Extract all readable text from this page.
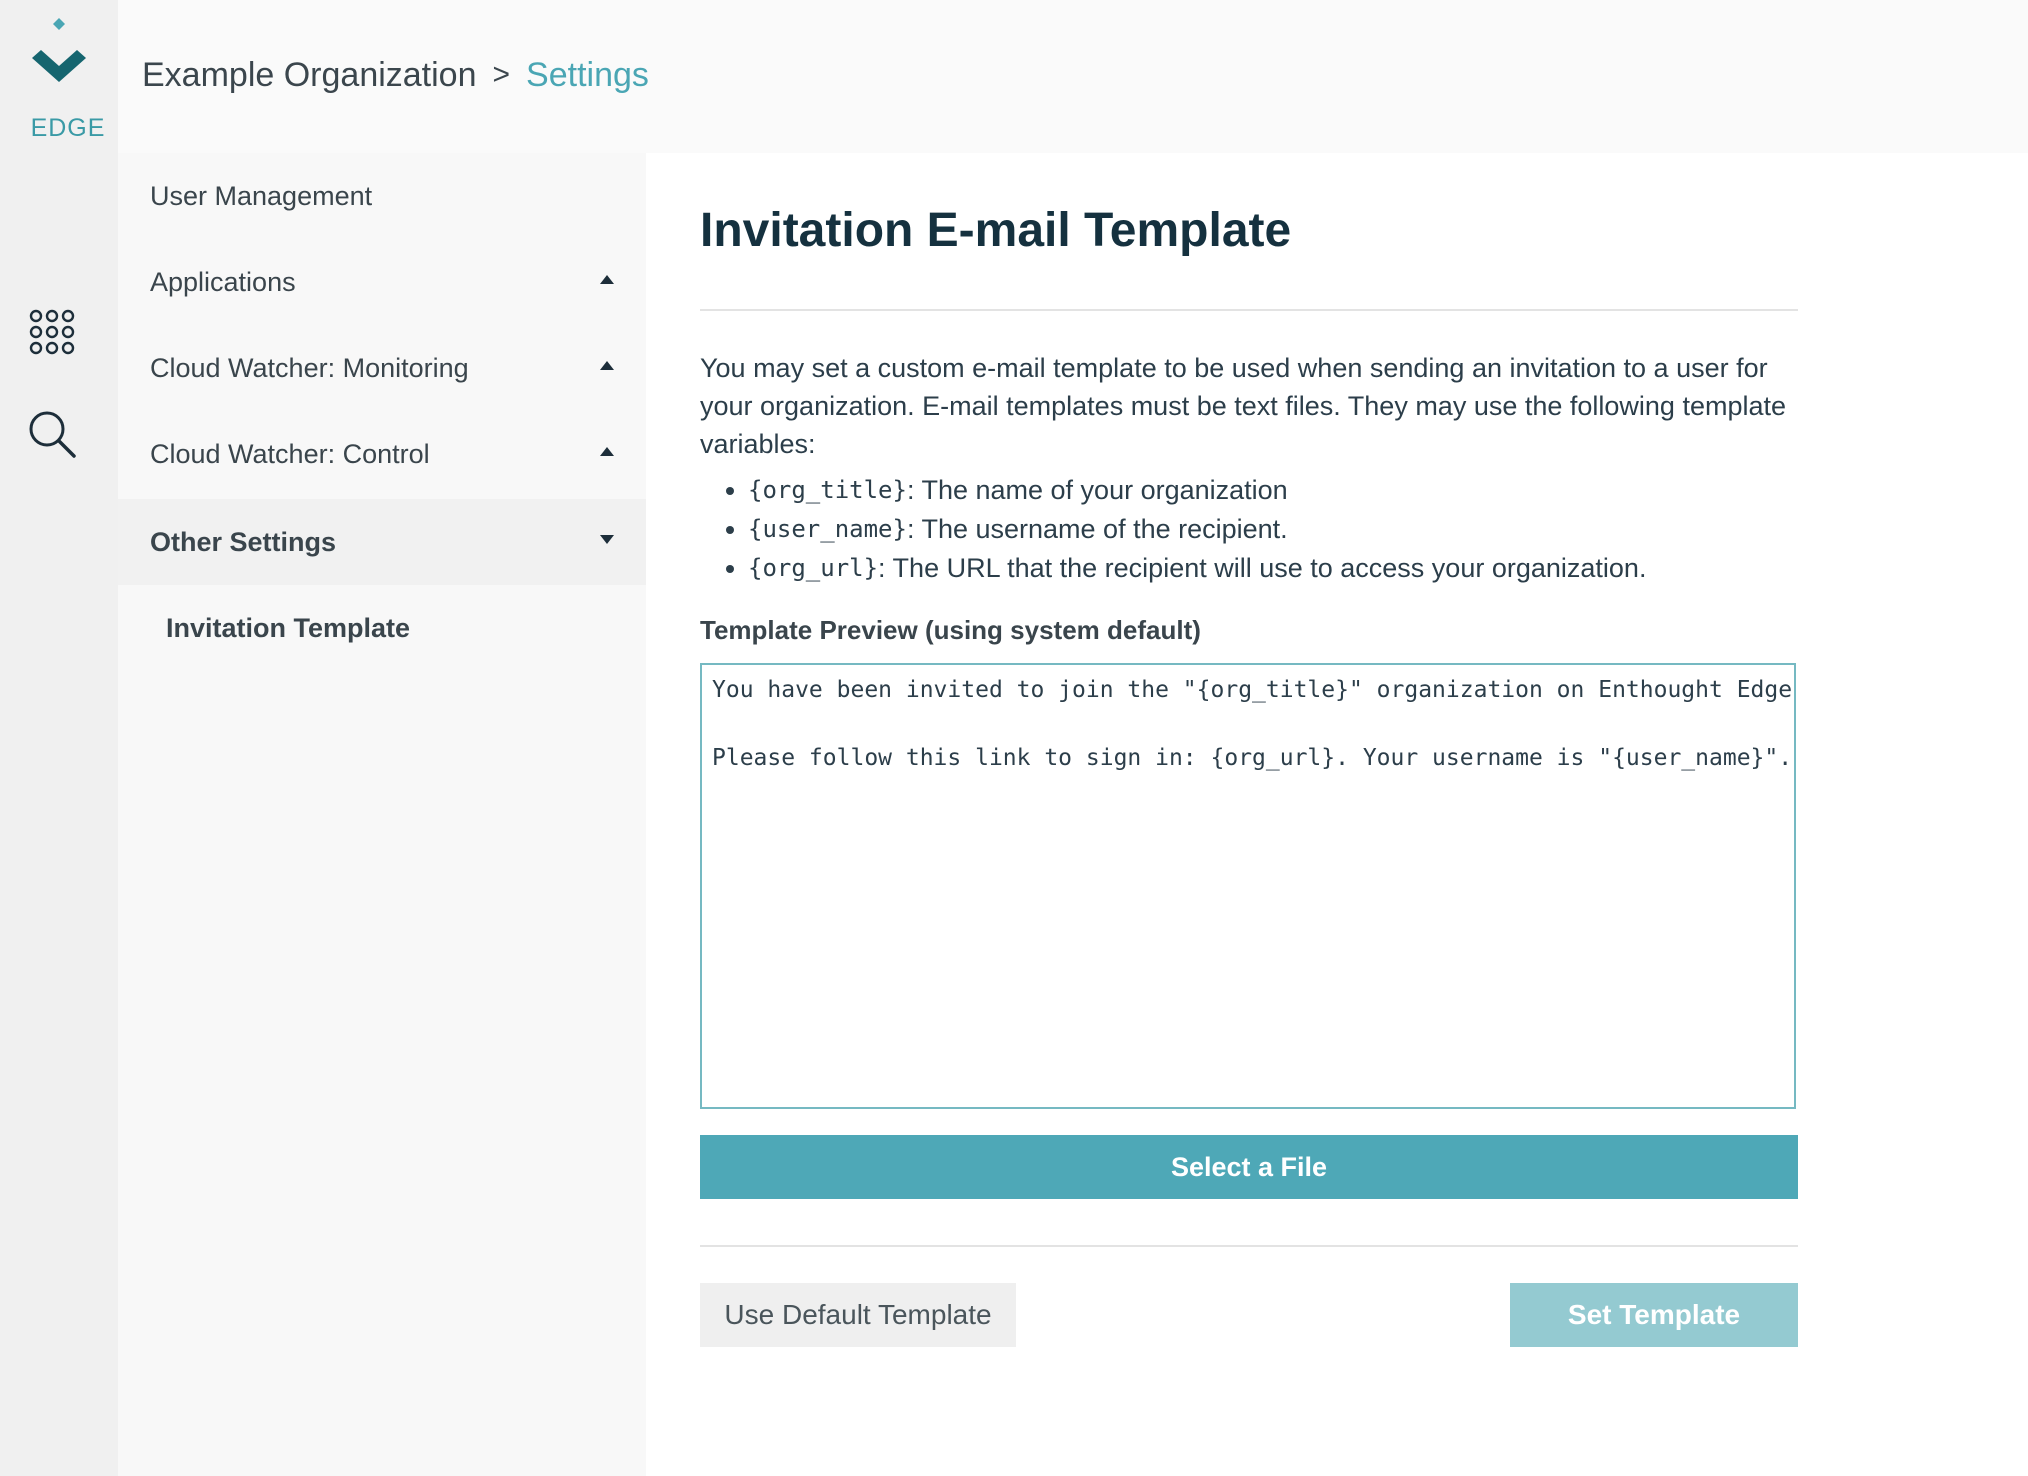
EDGE
Example Organization > Settings
User Management
Applications
Cloud Watcher: Monitoring
Cloud Watcher: Control
Other Settings
Invitation Template
Invitation E-mail Template
You may set a custom e-mail template to be used when sending an invitation to a user for your organization. E-mail templates must be text files. They may use the following template variables:
{org_title} : The name of your organization
{user_name} : The username of the recipient.
{org_url} : The URL that the recipient will use to access your organization.
Template Preview (using system default)
You have been invited to join the "{org_title}" organization on Enthought Edge. Please follow this link to sign in: {org_url}. Your username is "{user_name}".
Select a File
Use Default Template	Set Template
